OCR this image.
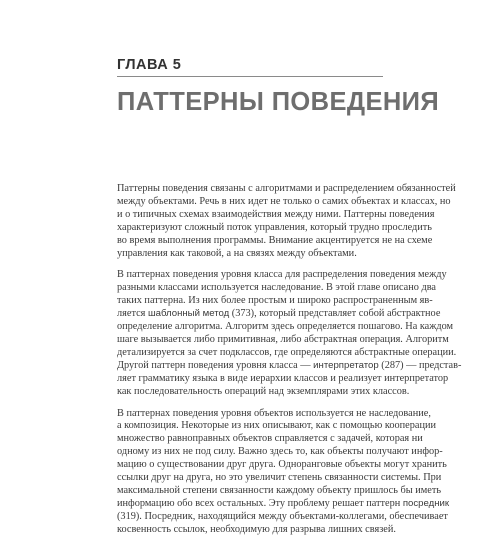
ГЛАВА 5
ПАТТЕРНЫ ПОВЕДЕНИЯ
Паттерны поведения связаны с алгоритмами и распределением обязанностей
между объектами. Речь в них идет не только о самих объектах и классах, но
и о типичных схемах взаимодействия между ними. Паттерны поведения
характеризуют сложный поток управления, который трудно проследить
во время выполнения программы. Внимание акцентируется не на схеме
управления как таковой, а на связях между объектами.
В паттернах поведения уровня класса для распределения поведения между
разными классами используется наследование. В этой главе описано два
таких паттерна. Из них более простым и широко распространенным яв-
ляется шаблонный метод (373), который представляет собой абстрактное
определение алгоритма. Алгоритм здесь определяется пошагово. На каждом
шаге вызывается либо примитивная, либо абстрактная операция. Алгоритм
детализируется за счет подклассов, где определяются абстрактные операции.
Другой паттерн поведения уровня класса — интерпретатор (287) — представ-
ляет грамматику языка в виде иерархии классов и реализует интерпретатор
как последовательность операций над экземплярами этих классов.
В паттернах поведения уровня объектов используется не наследование,
а композиция. Некоторые из них описывают, как с помощью кооперации
множество равноправных объектов справляется с задачей, которая ни
одному из них не под силу. Важно здесь то, как объекты получают инфор-
мацию о существовании друг друга. Одноранговые объекты могут хранить
ссылки друг на друга, но это увеличит степень связанности системы. При
максимальной степени связанности каждому объекту пришлось бы иметь
информацию обо всех остальных. Эту проблему решает паттерн посредник
(319). Посредник, находящийся между объектами-коллегами, обеспечивает
косвенность ссылок, необходимую для разрыва лишних связей.
